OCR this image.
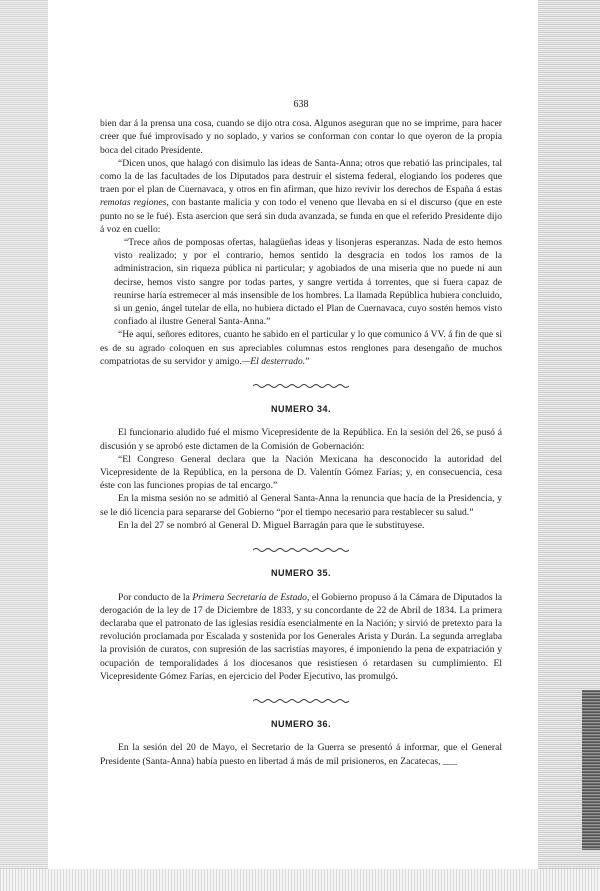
638

bien dar á la prensa una cosa, cuando se dijo otra cosa. Algunos aseguran que no se imprime, para hacer creer que fué improvisado y no soplado, y varios se conforman con contar lo que oyeron de la propia boca del citado Presidente.

“Dicen unos, que halagó con disimulo las ideas de Santa-Anna; otros que rebatió las principales, tal como la de las facultades de los Diputados para destruir el sistema federal, elogiando los poderes que traen por el plan de Cuernavaca, y otros en fin afirman, que hizo revivir los derechos de España á estas remotas regiones, con bastante malicia y con todo el veneno que llevaba en sí el discurso (que en este punto no se le fué). Esta asercion que será sin duda avanzada, se funda en que el referido Presidente dijo á voz en cuello:

“Trece años de pomposas ofertas, halagüeñas ideas y lisonjeras esperanzas. Nada de esto hemos visto realizado; y por el contrario, hemos sentido la desgracia en todos los ramos de la administracion, sin riqueza pública ni particular; y agobiados de una miseria que no puede ni aun decirse, hemos visto sangre por todas partes, y sangre vertida á torrentes, que si fuera capaz de reunirse haría estremecer al más insensible de los hombres. La llamada República hubiera concluido, si un genio, ángel tutelar de ella, no hubiera dictado el Plan de Cuernavaca, cuyo sostén hemos visto confiado al ilustre General Santa-Anna.”

“He aquí, señores editores, cuanto he sabido en el particular y lo que comunico á VV. á fin de que si es de su agrado coloquen en sus apreciables columnas estos renglones para desengaño de muchos compatriotas de su servidor y amigo.—El desterrado.”

NUMERO 34.

El funcionario aludido fué el mismo Vicepresidente de la República. En la sesión del 26, se pusó á discusión y se aprobó este dictamen de la Comisión de Gobernación:

“El Congreso General declara que la Nación Mexicana ha desconocido la autoridad del Vicepresidente de la República, en la persona de D. Valentín Gómez Farías; y, en consecuencia, cesa éste con las funciones propias de tal encargo.”

En la misma sesión no se admitió al General Santa-Anna la renuncia que hacía de la Presidencia, y se le dió licencia para separarse del Gobierno “por el tiempo necesario para restablecer su salud.”

En la del 27 se nombró al General D. Miguel Barragán para que le substituyese.

NUMERO 35.

Por conducto de la Primera Secretaría de Estado, el Gobierno propuso á la Cámara de Diputados la derogación de la ley de 17 de Diciembre de 1833, y su concordante de 22 de Abril de 1834. La primera declaraba que el patronato de las iglesias residía esencialmente en la Nación; y sirvió de pretexto para la revolución proclamada por Escalada y sostenida por los Generales Arista y Durán. La segunda arreglaba la provisión de curatos, con supresión de las sacristías mayores, é imponiendo la pena de expatriación y ocupación de temporalidades á los diocesanos que resistiesen ó retardasen su cumplimiento. El Vicepresidente Gómez Farías, en ejercicio del Poder Ejecutivo, las promulgó.

NUMERO 36.

En la sesión del 20 de Mayo, el Secretario de la Guerra se presentó á informar, que el General Presidente (Santa-Anna) había puesto en libertad á más de mil prisioneros, en Zacatecas, ___
